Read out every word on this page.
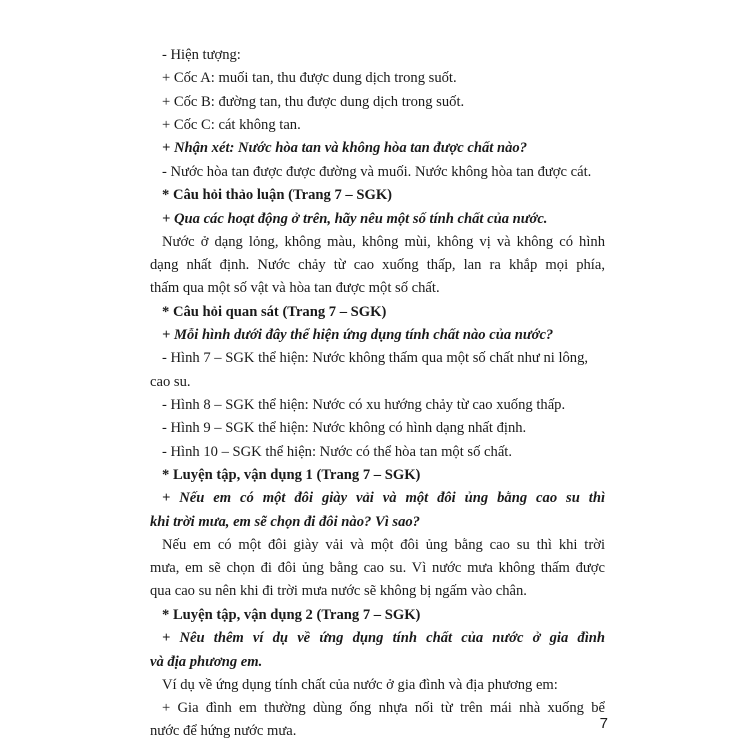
- Hiện tượng:
+ Cốc A: muối tan, thu được dung dịch trong suốt.
+ Cốc B: đường tan, thu được dung dịch trong suốt.
+ Cốc C: cát không tan.
+ Nhận xét: Nước hòa tan và không hòa tan được chất nào?
- Nước hòa tan được được đường và muối. Nước không hòa tan được cát.
* Câu hỏi thảo luận (Trang 7 – SGK)
+ Qua các hoạt động ở trên, hãy nêu một số tính chất của nước.
Nước ở dạng lỏng, không màu, không mùi, không vị và không có hình
dạng nhất định. Nước chảy từ cao xuống thấp, lan ra khắp mọi phía,
thấm qua một số vật và hòa tan được một số chất.
* Câu hỏi quan sát (Trang 7 – SGK)
+ Mỗi hình dưới đây thể hiện ứng dụng tính chất nào của nước?
- Hình 7 – SGK thể hiện: Nước không thấm qua một số chất như ni lông,
cao su.
- Hình 8 – SGK thể hiện: Nước có xu hướng chảy từ cao xuống thấp.
- Hình 9 – SGK thể hiện: Nước không có hình dạng nhất định.
- Hình 10 – SGK thể hiện: Nước có thể hòa tan một số chất.
* Luyện tập, vận dụng 1 (Trang 7 – SGK)
+ Nếu em có một đôi giày vải và một đôi ủng bằng cao su thì
khi trời mưa, em sẽ chọn đi đôi nào? Vì sao?
Nếu em có một đôi giày vải và một đôi ủng bằng cao su thì khi trời
mưa, em sẽ chọn đi đôi ủng bằng cao su. Vì nước mưa không thấm được
qua cao su nên khi đi trời mưa nước sẽ không bị ngấm vào chân.
* Luyện tập, vận dụng 2 (Trang 7 – SGK)
+ Nêu thêm ví dụ về ứng dụng tính chất của nước ở gia đình
và địa phương em.
Ví dụ về ứng dụng tính chất của nước ở gia đình và địa phương em:
+ Gia đình em thường dùng ống nhựa nối từ trên mái nhà xuống bể
nước để hứng nước mưa.	7
